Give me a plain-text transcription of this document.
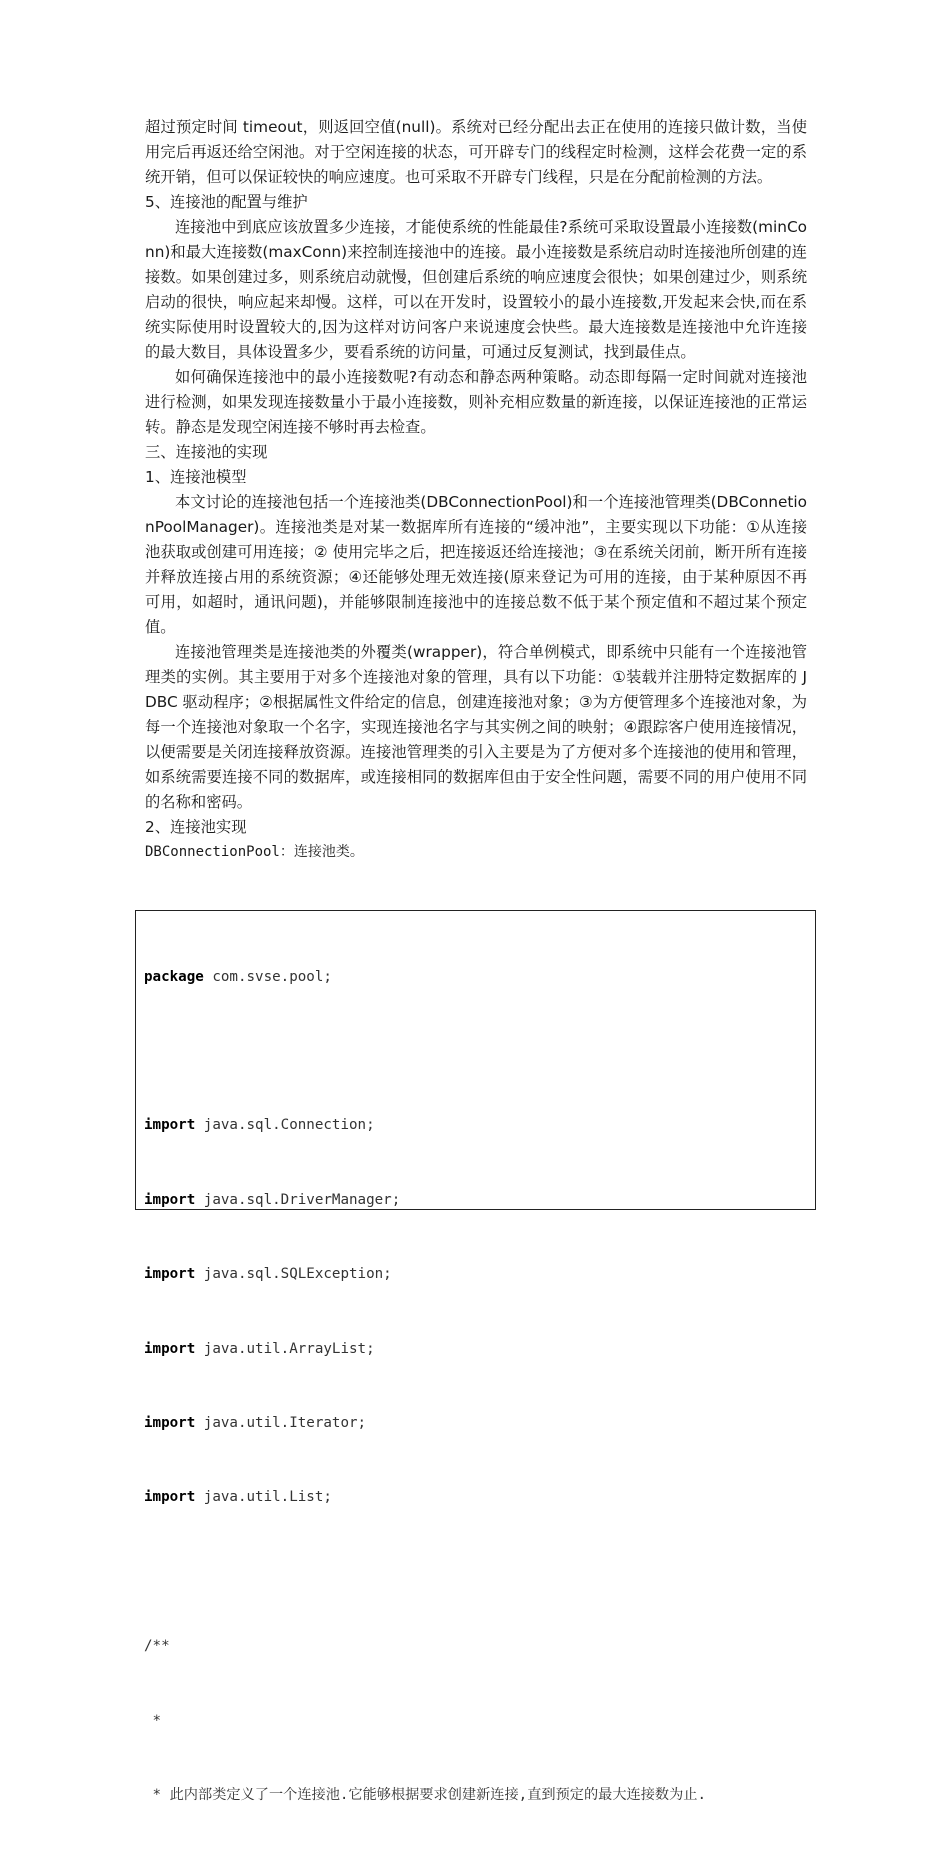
超过预定时间 timeout，则返回空值(null)。系统对已经分配出去正在使用的连接只做计数，当使用完后再返还给空闲池。对于空闲连接的状态，可开辟专门的线程定时检测，这样会花费一定的系统开销，但可以保证较快的响应速度。也可采取不开辟专门线程，只是在分配前检测的方法。

5、连接池的配置与维护

连接池中到底应该放置多少连接，才能使系统的性能最佳?系统可采取设置最小连接数(minConn)和最大连接数(maxConn)来控制连接池中的连接。最小连接数是系统启动时连接池所创建的连接数。如果创建过多，则系统启动就慢，但创建后系统的响应速度会很快；如果创建过少，则系统启动的很快，响应起来却慢。这样，可以在开发时，设置较小的最小连接数,开发起来会快,而在系统实际使用时设置较大的,因为这样对访问客户来说速度会快些。最大连接数是连接池中允许连接的最大数目，具体设置多少，要看系统的访问量，可通过反复测试，找到最佳点。

如何确保连接池中的最小连接数呢?有动态和静态两种策略。动态即每隔一定时间就对连接池进行检测，如果发现连接数量小于最小连接数，则补充相应数量的新连接，以保证连接池的正常运转。静态是发现空闲连接不够时再去检查。

三、连接池的实现

1、连接池模型

本文讨论的连接池包括一个连接池类(DBConnectionPool)和一个连接池管理类(DBConnetionPoolManager)。连接池类是对某一数据库所有连接的“缓冲池”，主要实现以下功能：①从连接池获取或创建可用连接；② 使用完毕之后，把连接返还给连接池；③在系统关闭前，断开所有连接并释放连接占用的系统资源；④还能够处理无效连接(原来登记为可用的连接，由于某种原因不再可用，如超时，通讯问题)，并能够限制连接池中的连接总数不低于某个预定值和不超过某个预定值。

连接池管理类是连接池类的外覆类(wrapper)，符合单例模式，即系统中只能有一个连接池管理类的实例。其主要用于对多个连接池对象的管理，具有以下功能：①装载并注册特定数据库的 JDBC 驱动程序；②根据属性文件给定的信息，创建连接池对象；③为方便管理多个连接池对象，为每一个连接池对象取一个名字，实现连接池名字与其实例之间的映射；④跟踪客户使用连接情况，以便需要是关闭连接释放资源。连接池管理类的引入主要是为了方便对多个连接池的使用和管理，如系统需要连接不同的数据库，或连接相同的数据库但由于安全性问题，需要不同的用户使用不同的名称和密码。

2、连接池实现

DBConnectionPool：连接池类。

package com.svse.pool;

import java.sql.Connection;

import java.sql.DriverManager;

import java.sql.SQLException;

import java.util.ArrayList;

import java.util.Iterator;

import java.util.List;

/**

*

* 此内部类定义了一个连接池.它能够根据要求创建新连接,直到预定的最大连接数为止.
